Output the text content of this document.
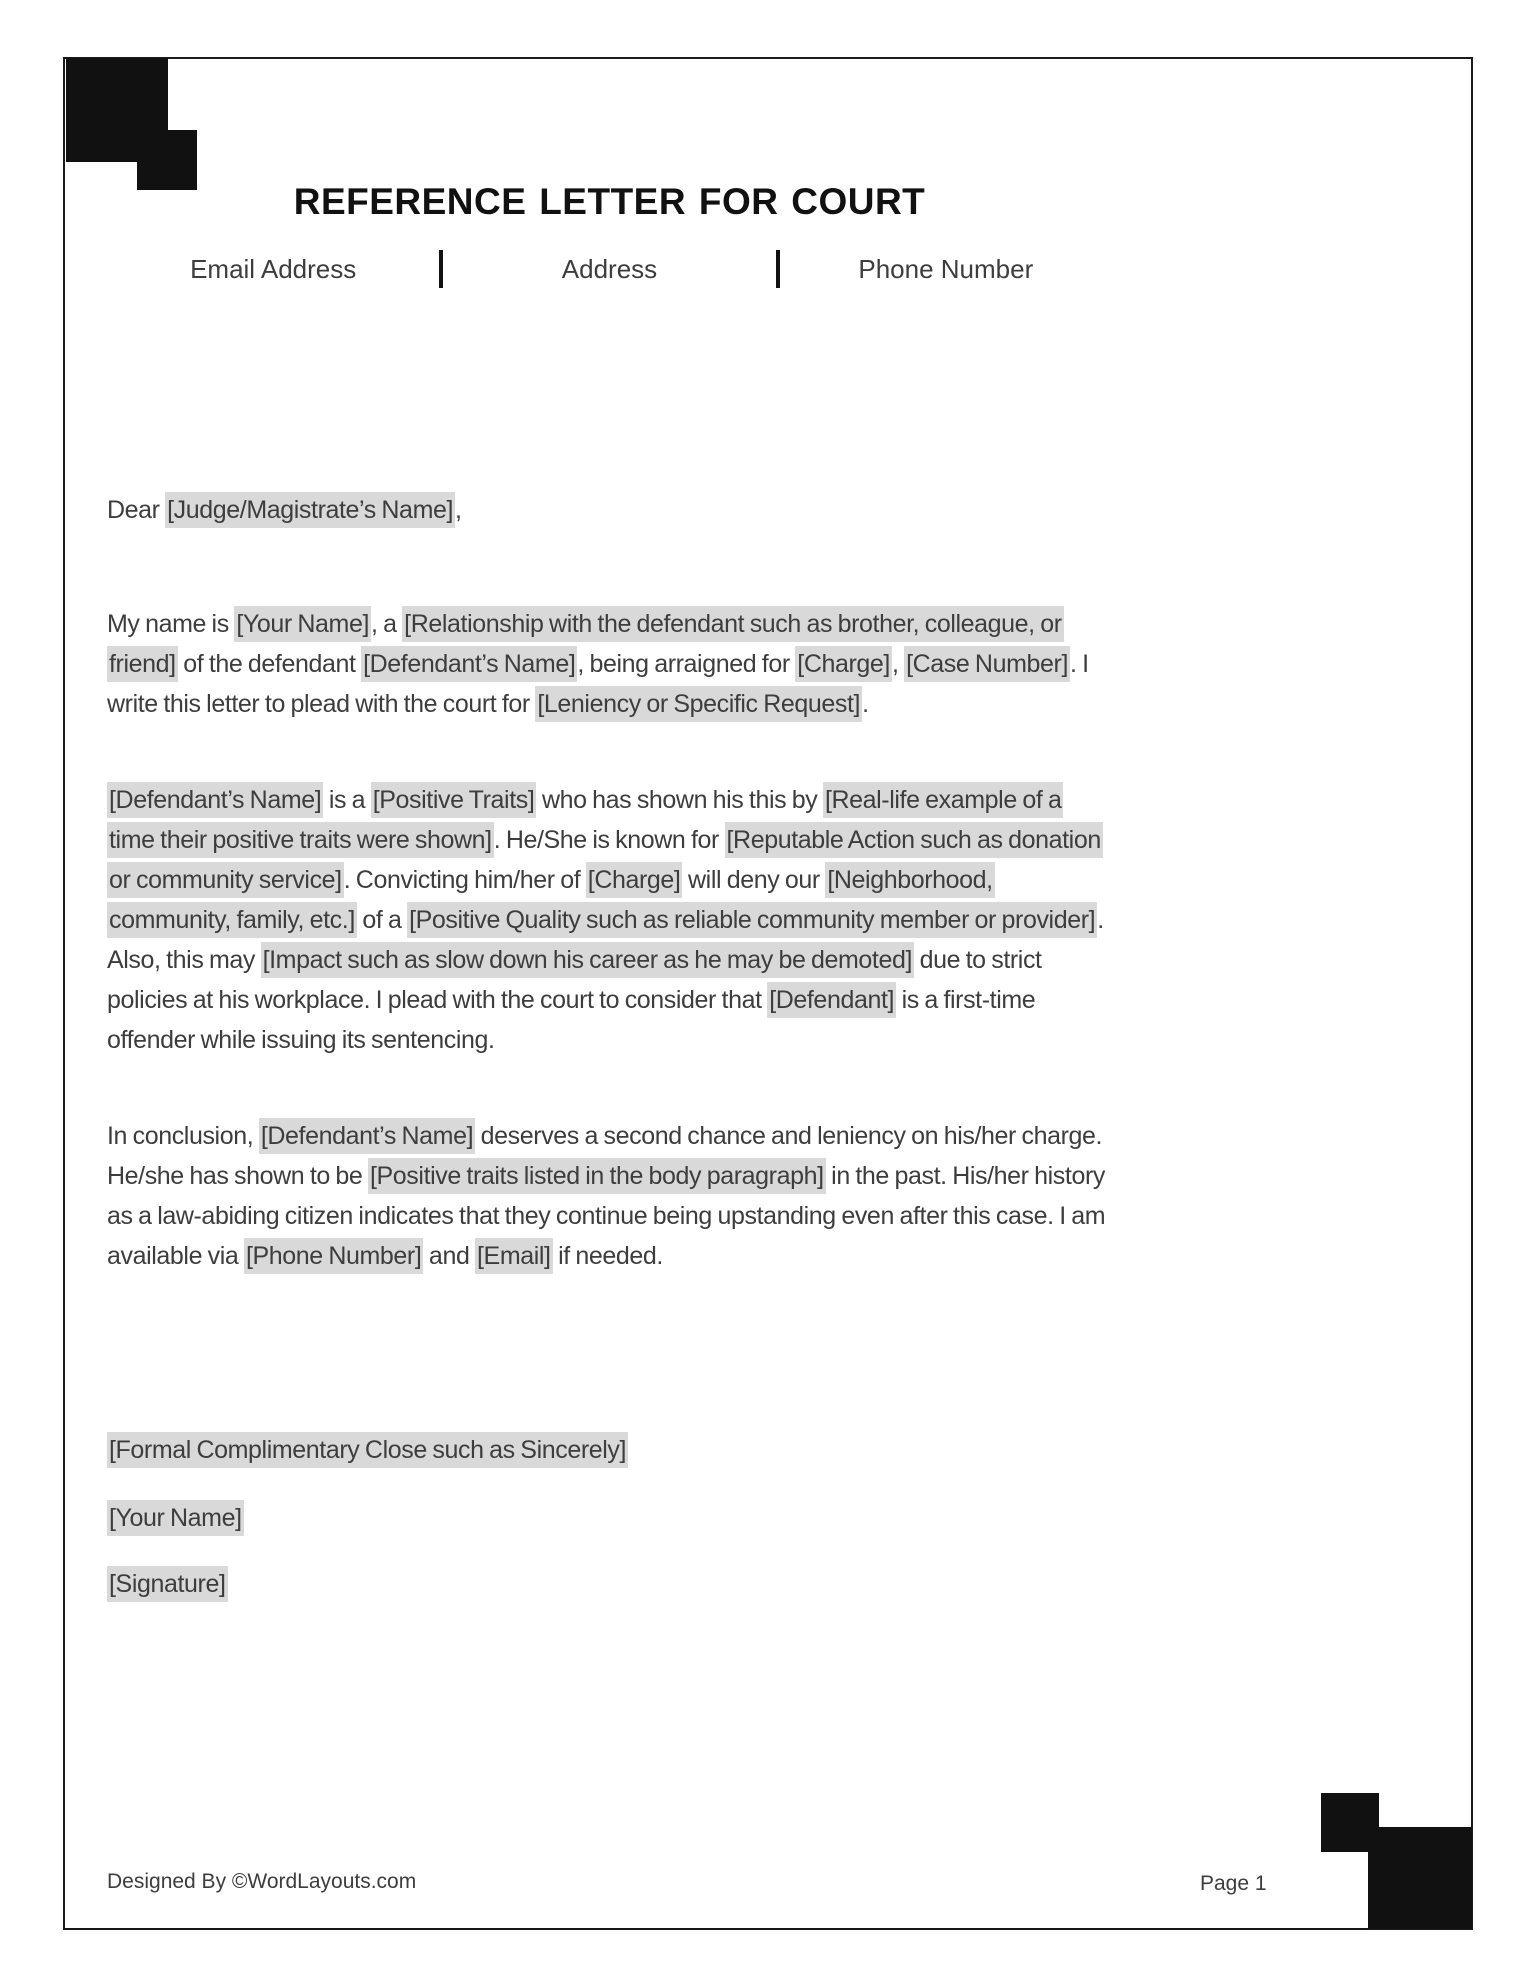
REFERENCE LETTER FOR COURT
Email Address	Address	Phone Number
Dear [Judge/Magistrate’s Name],
My name is [Your Name], a [Relationship with the defendant such as brother, colleague, or friend] of the defendant [Defendant’s Name], being arraigned for [Charge], [Case Number]. I write this letter to plead with the court for [Leniency or Specific Request].
[Defendant’s Name] is a [Positive Traits] who has shown his this by [Real-life example of a time their positive traits were shown]. He/She is known for [Reputable Action such as donation or community service]. Convicting him/her of [Charge] will deny our [Neighborhood, community, family, etc.] of a [Positive Quality such as reliable community member or provider]. Also, this may [Impact such as slow down his career as he may be demoted] due to strict policies at his workplace. I plead with the court to consider that [Defendant] is a first-time offender while issuing its sentencing.
In conclusion, [Defendant’s Name] deserves a second chance and leniency on his/her charge. He/she has shown to be [Positive traits listed in the body paragraph] in the past. His/her history as a law-abiding citizen indicates that they continue being upstanding even after this case. I am available via [Phone Number] and [Email] if needed.
[Formal Complimentary Close such as Sincerely]
[Your Name]
[Signature]
Designed By ©WordLayouts.com	Page 1
